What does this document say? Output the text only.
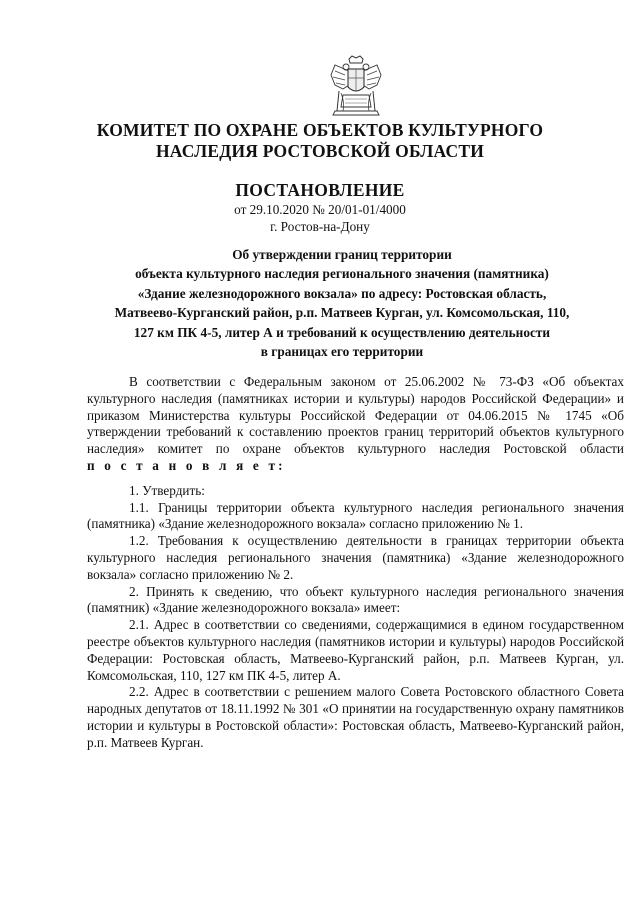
КОМИТЕТ ПО ОХРАНЕ ОБЪЕКТОВ КУЛЬТУРНОГО

НАСЛЕДИЯ РОСТОВСКОЙ ОБЛАСТИ

ПОСТАНОВЛЕНИЕ

от 29.10.2020 № 20/01-01/4000

г. Ростов-на-Дону

Об утверждении границ территории
объекта культурного наследия регионального значения (памятника)
«Здание железнодорожного вокзала» по адресу: Ростовская область,
Матвеево-Курганский район, р.п. Матвеев Курган, ул. Комсомольская, 110,
127 км ПК 4-5, литер А и требований к осуществлению деятельности
в границах его территории

В соответствии с Федеральным законом от 25.06.2002 № 73-ФЗ «Об объектах культурного наследия (памятниках истории и культуры) народов Российской Федерации» и приказом Министерства культуры Российской Федерации от 04.06.2015 № 1745 «Об утверждении требований к составлению проектов границ территорий объектов культурного наследия» комитет по охране объектов культурного наследия Ростовской области

п о с т а н о в л я е т:

1. Утвердить:

1.1. Границы территории объекта культурного наследия регионального значения (памятника) «Здание железнодорожного вокзала» согласно приложению № 1.

1.2. Требования к осуществлению деятельности в границах территории объекта культурного наследия регионального значения (памятника) «Здание железнодорожного вокзала» согласно приложению № 2.

2. Принять к сведению, что объект культурного наследия регионального значения (памятник) «Здание железнодорожного вокзала» имеет:

2.1. Адрес в соответствии со сведениями, содержащимися в едином государственном реестре объектов культурного наследия (памятников истории и культуры) народов Российской Федерации: Ростовская область, Матвеево-Курганский район, р.п. Матвеев Курган, ул. Комсомольская, 110, 127 км ПК 4-5, литер А.

2.2. Адрес в соответствии с решением малого Совета Ростовского областного Совета народных депутатов от 18.11.1992 № 301 «О принятии на государственную охрану памятников истории и культуры в Ростовской области»: Ростовская область, Матвеево-Курганский район, р.п. Матвеев Курган.
